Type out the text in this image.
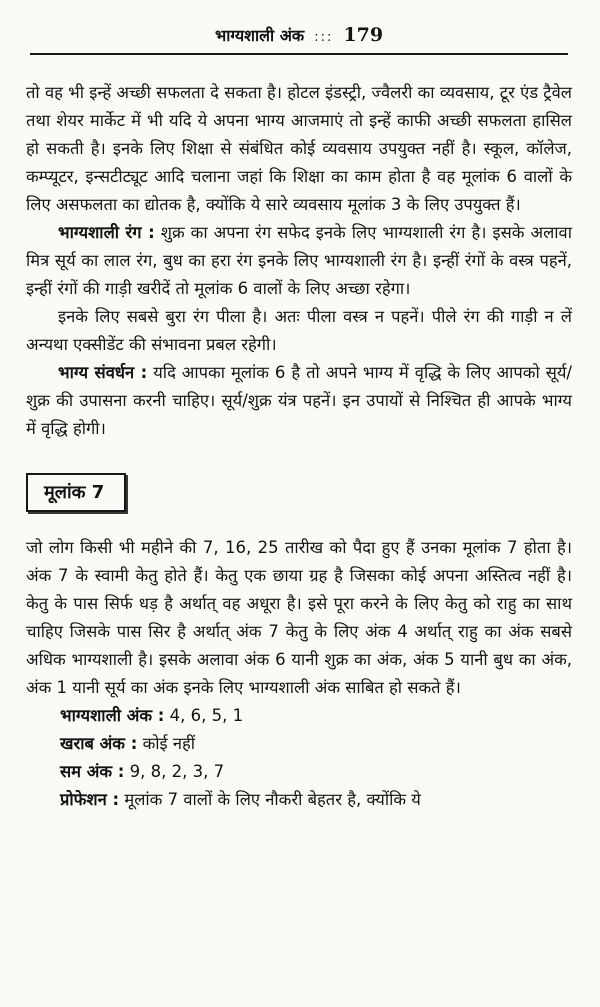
भाग्यशाली अंक ::: 179

तो वह भी इन्हें अच्छी सफलता दे सकता है। होटल इंडस्ट्री, ज्वैलरी का व्यवसाय, टूर एंड ट्रैवेल तथा शेयर मार्केट में भी यदि ये अपना भाग्य आजमाएं तो इन्हें काफी अच्छी सफलता हासिल हो सकती है। इनके लिए शिक्षा से संबंधित कोई व्यवसाय उपयुक्त नहीं है। स्कूल, कॉलेज, कम्प्यूटर, इन्सटीट्यूट आदि चलाना जहां कि शिक्षा का काम होता है वह मूलांक 6 वालों के लिए असफलता का द्योतक है, क्योंकि ये सारे व्यवसाय मूलांक 3 के लिए उपयुक्त हैं।

भाग्यशाली रंग : शुक्र का अपना रंग सफेद इनके लिए भाग्यशाली रंग है। इसके अलावा मित्र सूर्य का लाल रंग, बुध का हरा रंग इनके लिए भाग्यशाली रंग है। इन्हीं रंगों के वस्त्र पहनें, इन्हीं रंगों की गाड़ी खरीदें तो मूलांक 6 वालों के लिए अच्छा रहेगा।

इनके लिए सबसे बुरा रंग पीला है। अतः पीला वस्त्र न पहनें। पीले रंग की गाड़ी न लें अन्यथा एक्सीडेंट की संभावना प्रबल रहेगी।

भाग्य संवर्धन : यदि आपका मूलांक 6 है तो अपने भाग्य में वृद्धि के लिए आपको सूर्य/शुक्र की उपासना करनी चाहिए। सूर्य/शुक्र यंत्र पहनें। इन उपायों से निश्चित ही आपके भाग्य में वृद्धि होगी।

मूलांक 7

जो लोग किसी भी महीने की 7, 16, 25 तारीख को पैदा हुए हैं उनका मूलांक 7 होता है। अंक 7 के स्वामी केतु होते हैं। केतु एक छाया ग्रह है जिसका कोई अपना अस्तित्व नहीं है। केतु के पास सिर्फ धड़ है अर्थात् वह अधूरा है। इसे पूरा करने के लिए केतु को राहु का साथ चाहिए जिसके पास सिर है अर्थात् अंक 7 केतु के लिए अंक 4 अर्थात् राहु का अंक सबसे अधिक भाग्यशाली है। इसके अलावा अंक 6 यानी शुक्र का अंक, अंक 5 यानी बुध का अंक, अंक 1 यानी सूर्य का अंक इनके लिए भाग्यशाली अंक साबित हो सकते हैं।

भाग्यशाली अंक : 4, 6, 5, 1

खराब अंक : कोई नहीं

सम अंक : 9, 8, 2, 3, 7

प्रोफेशन : मूलांक 7 वालों के लिए नौकरी बेहतर है, क्योंकि ये
